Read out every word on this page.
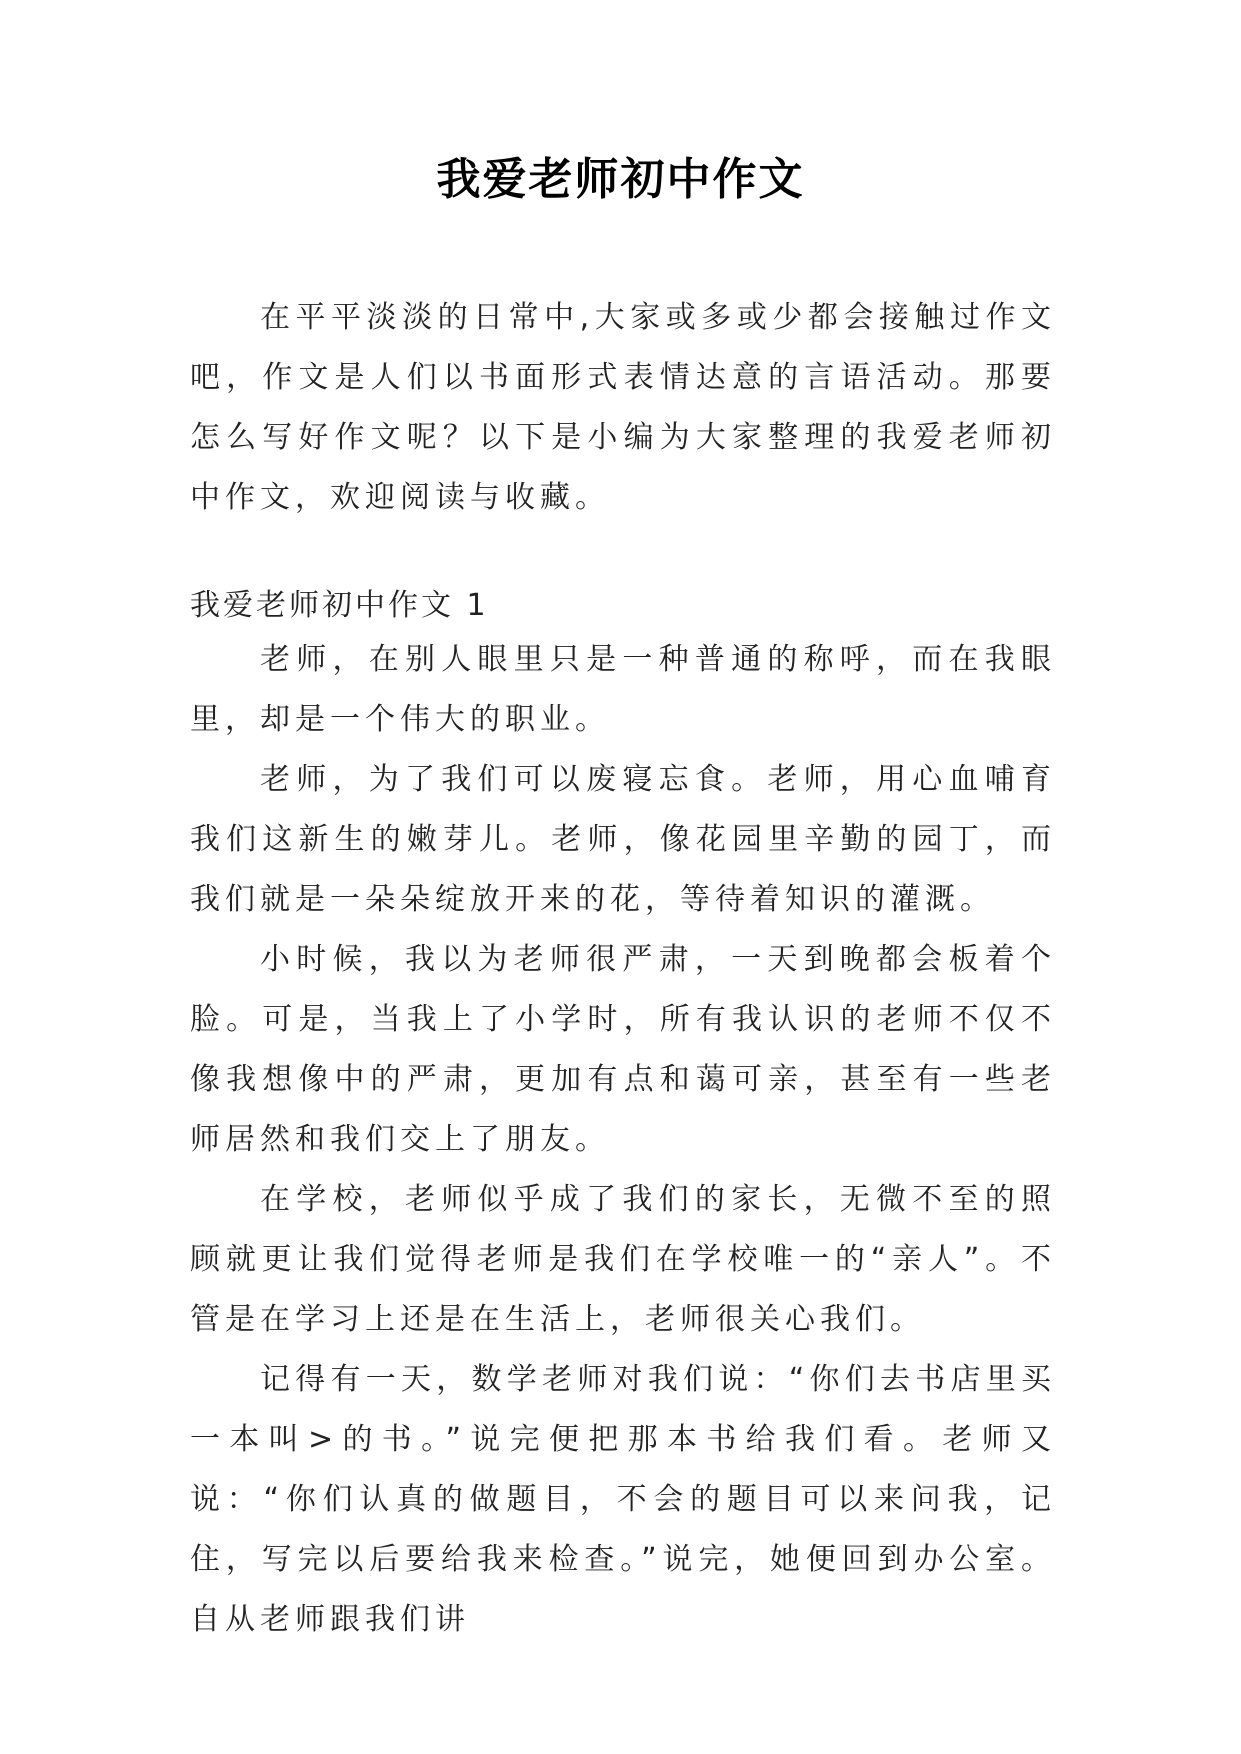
我爱老师初中作文

在平平淡淡的日常中,大家或多或少都会接触过作文吧，作文是人们以书面形式表情达意的言语活动。那要怎么写好作文呢？以下是小编为大家整理的我爱老师初中作文，欢迎阅读与收藏。

我爱老师初中作文 1

老师，在别人眼里只是一种普通的称呼，而在我眼里，却是一个伟大的职业。

老师，为了我们可以废寝忘食。老师，用心血哺育我们这新生的嫩芽儿。老师，像花园里辛勤的园丁，而我们就是一朵朵绽放开来的花，等待着知识的灌溉。

小时候，我以为老师很严肃，一天到晚都会板着个脸。可是，当我上了小学时，所有我认识的老师不仅不像我想像中的严肃，更加有点和蔼可亲，甚至有一些老师居然和我们交上了朋友。

在学校，老师似乎成了我们的家长，无微不至的照顾就更让我们觉得老师是我们在学校唯一的“亲人”。不管是在学习上还是在生活上，老师很关心我们。

记得有一天，数学老师对我们说：“你们去书店里买一本叫>的书。”说完便把那本书给我们看。老师又说：“你们认真的做题目，不会的题目可以来问我，记住，写完以后要给我来检查。”说完，她便回到办公室。自从老师跟我们讲
